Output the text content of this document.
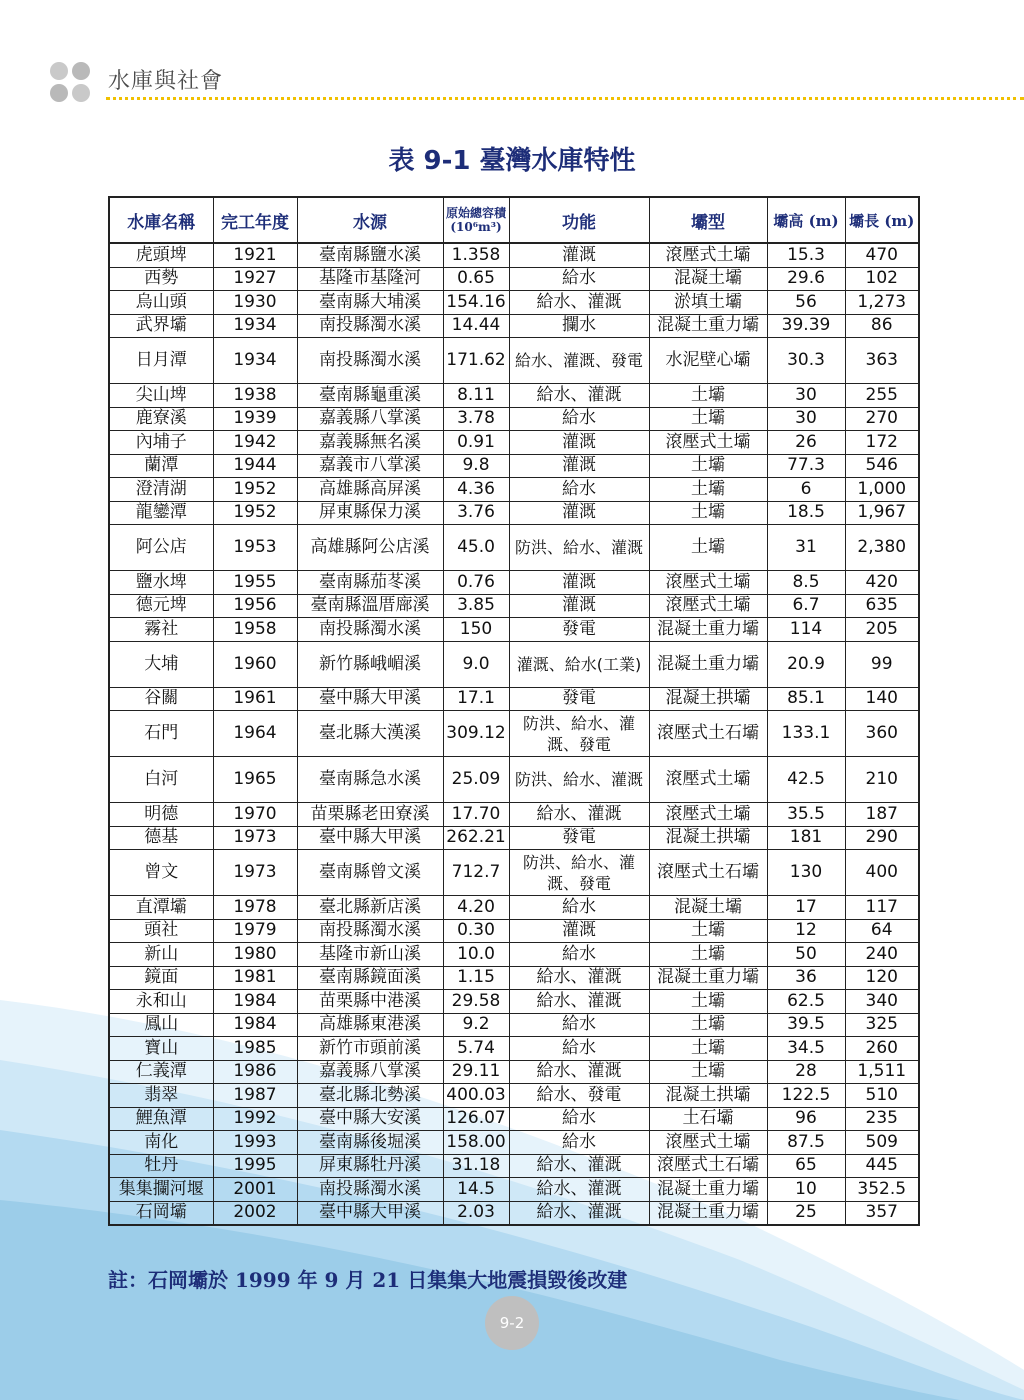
水庫與社會
表 9-1 臺灣水庫特性
水庫名稱	完工年度	水源	原始總容積(10⁶m³)	功能	壩型	壩高 (m)	壩長 (m)
虎頭埤	1921	臺南縣鹽水溪	1.358	灌溉	滾壓式土壩	15.3	470
西勢	1927	基隆市基隆河	0.65	給水	混凝土壩	29.6	102
烏山頭	1930	臺南縣大埔溪	154.16	給水、灌溉	淤填土壩	56	1,273
武界壩	1934	南投縣濁水溪	14.44	攔水	混凝土重力壩	39.39	86
日月潭	1934	南投縣濁水溪	171.62	給水、灌溉、發電	水泥壁心壩	30.3	363
尖山埤	1938	臺南縣龜重溪	8.11	給水、灌溉	土壩	30	255
鹿寮溪	1939	嘉義縣八掌溪	3.78	給水	土壩	30	270
內埔子	1942	嘉義縣無名溪	0.91	灌溉	滾壓式土壩	26	172
蘭潭	1944	嘉義市八掌溪	9.8	灌溉	土壩	77.3	546
澄清湖	1952	高雄縣高屏溪	4.36	給水	土壩	6	1,000
龍鑾潭	1952	屏東縣保力溪	3.76	灌溉	土壩	18.5	1,967
阿公店	1953	高雄縣阿公店溪	45.0	防洪、給水、灌溉	土壩	31	2,380
鹽水埤	1955	臺南縣茄苳溪	0.76	灌溉	滾壓式土壩	8.5	420
德元埤	1956	臺南縣溫厝廍溪	3.85	灌溉	滾壓式土壩	6.7	635
霧社	1958	南投縣濁水溪	150	發電	混凝土重力壩	114	205
大埔	1960	新竹縣峨嵋溪	9.0	灌溉、給水(工業)	混凝土重力壩	20.9	99
谷關	1961	臺中縣大甲溪	17.1	發電	混凝土拱壩	85.1	140
石門	1964	臺北縣大漢溪	309.12	防洪、給水、灌溉、發電	滾壓式土石壩	133.1	360
白河	1965	臺南縣急水溪	25.09	防洪、給水、灌溉	滾壓式土壩	42.5	210
明德	1970	苗栗縣老田寮溪	17.70	給水、灌溉	滾壓式土壩	35.5	187
德基	1973	臺中縣大甲溪	262.21	發電	混凝土拱壩	181	290
曾文	1973	臺南縣曾文溪	712.7	防洪、給水、灌溉、發電	滾壓式土石壩	130	400
直潭壩	1978	臺北縣新店溪	4.20	給水	混凝土壩	17	117
頭社	1979	南投縣濁水溪	0.30	灌溉	土壩	12	64
新山	1980	基隆市新山溪	10.0	給水	土壩	50	240
鏡面	1981	臺南縣鏡面溪	1.15	給水、灌溉	混凝土重力壩	36	120
永和山	1984	苗栗縣中港溪	29.58	給水、灌溉	土壩	62.5	340
鳳山	1984	高雄縣東港溪	9.2	給水	土壩	39.5	325
寶山	1985	新竹市頭前溪	5.74	給水	土壩	34.5	260
仁義潭	1986	嘉義縣八掌溪	29.11	給水、灌溉	土壩	28	1,511
翡翠	1987	臺北縣北勢溪	400.03	給水、發電	混凝土拱壩	122.5	510
鯉魚潭	1992	臺中縣大安溪	126.07	給水	土石壩	96	235
南化	1993	臺南縣後堀溪	158.00	給水	滾壓式土壩	87.5	509
牡丹	1995	屏東縣牡丹溪	31.18	給水、灌溉	滾壓式土石壩	65	445
集集攔河堰	2001	南投縣濁水溪	14.5	給水、灌溉	混凝土重力壩	10	352.5
石岡壩	2002	臺中縣大甲溪	2.03	給水、灌溉	混凝土重力壩	25	357
註：石岡壩於 1999 年 9 月 21 日集集大地震損毀後改建
9-2
